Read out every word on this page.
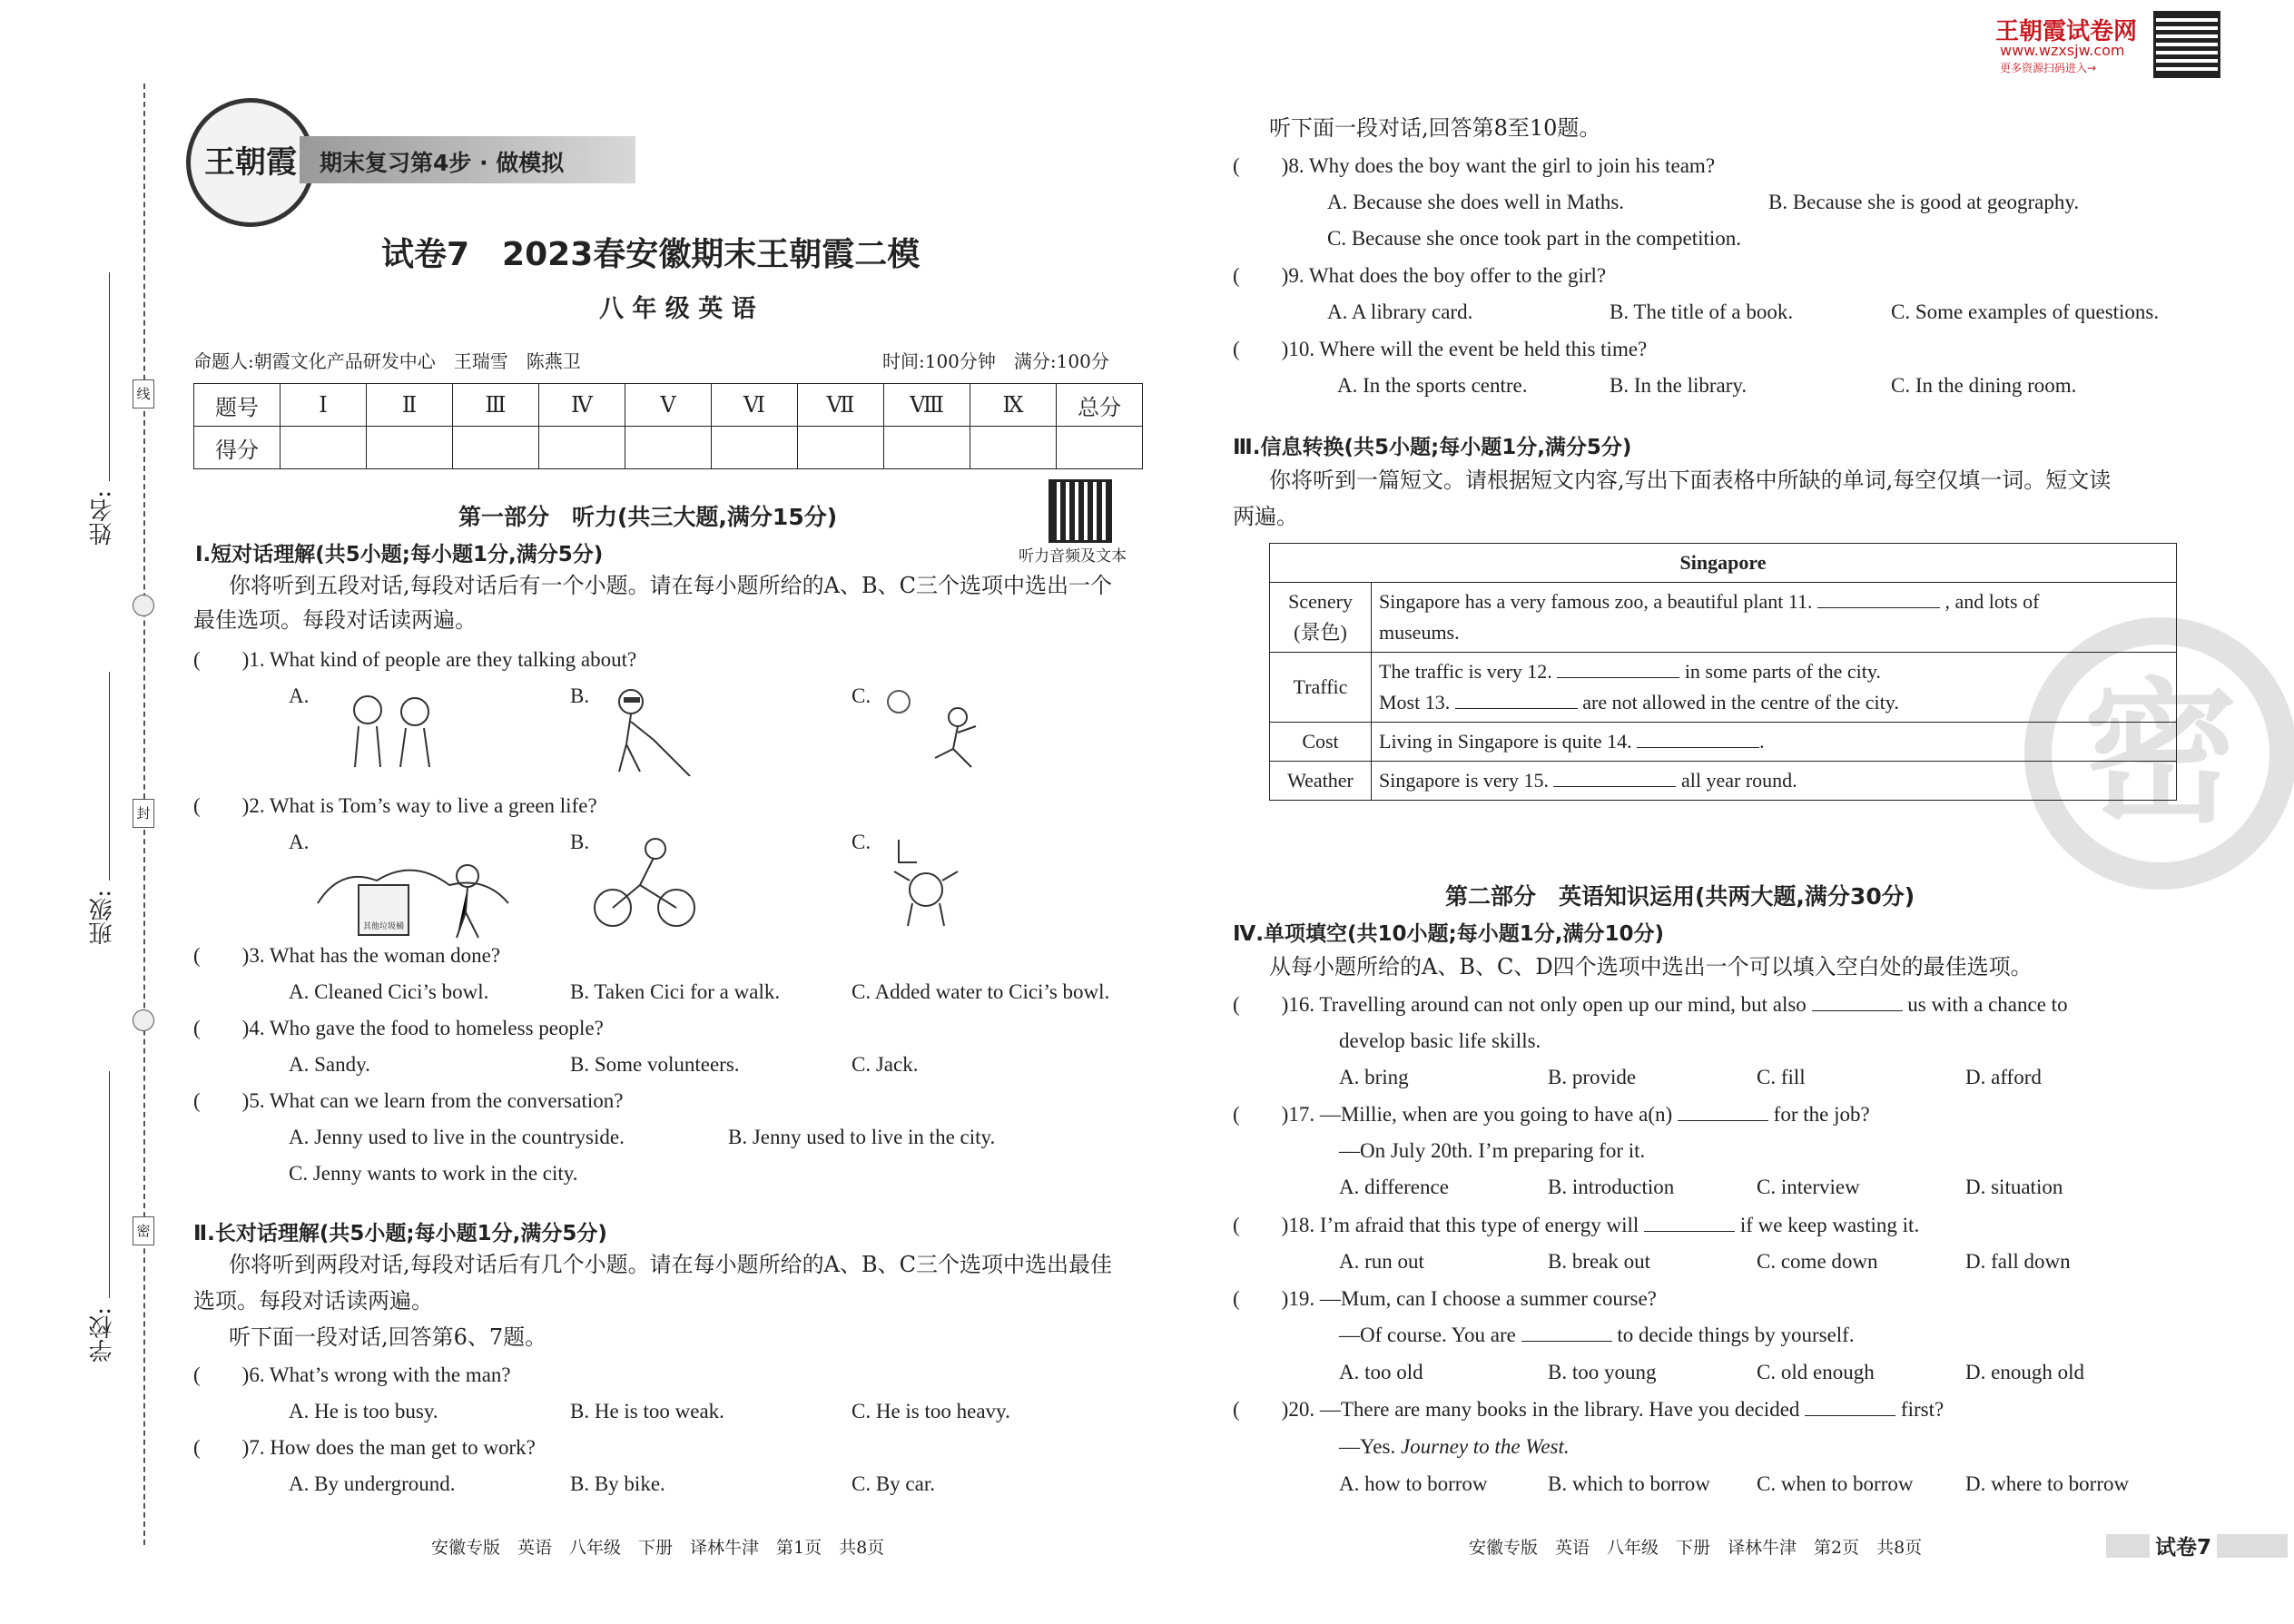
线
封
密
姓名:
班级:
学校:
王朝霞	期末复习第4步 · 做模拟
试卷7　2023春安徽期末王朝霞二模
八 年 级 英 语
命题人:朝霞文化产品研发中心　王瑞雪　陈燕卫	时间:100分钟　满分:100分
题号	Ⅰ	Ⅱ	Ⅲ	Ⅳ	Ⅴ	Ⅵ	Ⅶ	Ⅷ	Ⅸ	总分
得分										
听力音频及文本
第一部分　听力(共三大题,满分15分)
Ⅰ.短对话理解(共5小题;每小题1分,满分5分)
你将听到五段对话,每段对话后有一个小题。请在每小题所给的A、B、C三个选项中选出一个
最佳选项。每段对话读两遍。
(　　)1. What kind of people are they talking about?
A.	B.	C.
(　　)2. What is Tom’s way to live a green life?
A.	B.	C.
其他垃圾桶
(　　)3. What has the woman done?
A. Cleaned Cici’s bowl.	B. Taken Cici for a walk.	C. Added water to Cici’s bowl.
(　　)4. Who gave the food to homeless people?
A. Sandy.	B. Some volunteers.	C. Jack.
(　　)5. What can we learn from the conversation?
A. Jenny used to live in the countryside.	B. Jenny used to live in the city.
C. Jenny wants to work in the city.
Ⅱ.长对话理解(共5小题;每小题1分,满分5分)
你将听到两段对话,每段对话后有几个小题。请在每小题所给的A、B、C三个选项中选出最佳
选项。每段对话读两遍。
听下面一段对话,回答第6、7题。
(　　)6. What’s wrong with the man?
A. He is too busy.	B. He is too weak.	C. He is too heavy.
(　　)7. How does the man get to work?
A. By underground.	B. By bike.	C. By car.
安徽专版　英语　八年级　下册　译林牛津　第1页　共8页
王朝霞试卷网
www.wzxsjw.com
更多资源扫码进入→
密
听下面一段对话,回答第8至10题。
(　　)8. Why does the boy want the girl to join his team?
A. Because she does well in Maths.	B. Because she is good at geography.
C. Because she once took part in the competition.
(　　)9. What does the boy offer to the girl?
A. A library card.	B. The title of a book.	C. Some examples of questions.
(　　)10. Where will the event be held this time?
A. In the sports centre.	B. In the library.	C. In the dining room.
Ⅲ.信息转换(共5小题;每小题1分,满分5分)
你将听到一篇短文。请根据短文内容,写出下面表格中所缺的单词,每空仅填一词。短文读
两遍。
Singapore	
Scenery
(景色)	Singapore has a very famous zoo, a beautiful plant 11. , and lots of
museums.
Traffic	The traffic is very 12. in some parts of the city.
Most 13. are not allowed in the centre of the city.
Cost	Living in Singapore is quite 14. .
Weather	Singapore is very 15. all year round.
第二部分　英语知识运用(共两大题,满分30分)
Ⅳ.单项填空(共10小题;每小题1分,满分10分)
从每小题所给的A、B、C、D四个选项中选出一个可以填入空白处的最佳选项。
(　　)16. Travelling around can not only open up our mind, but also	us with a chance to
develop basic life skills.
A. bring	B. provide	C. fill	D. afford
(　　)17. —Millie, when are you going to have a(n)	for the job?
—On July 20th. I’m preparing for it.
A. difference	B. introduction	C. interview	D. situation
(　　)18. I’m afraid that this type of energy will	if we keep wasting it.
A. run out	B. break out	C. come down	D. fall down
(　　)19. —Mum, can I choose a summer course?
—Of course. You are	to decide things by yourself.
A. too old	B. too young	C. old enough	D. enough old
(　　)20. —There are many books in the library. Have you decided	first?
—Yes. Journey to the West.
A. how to borrow	B. which to borrow C. when to borrow	D. where to borrow
安徽专版　英语　八年级　下册　译林牛津　第2页　共8页	试卷7
